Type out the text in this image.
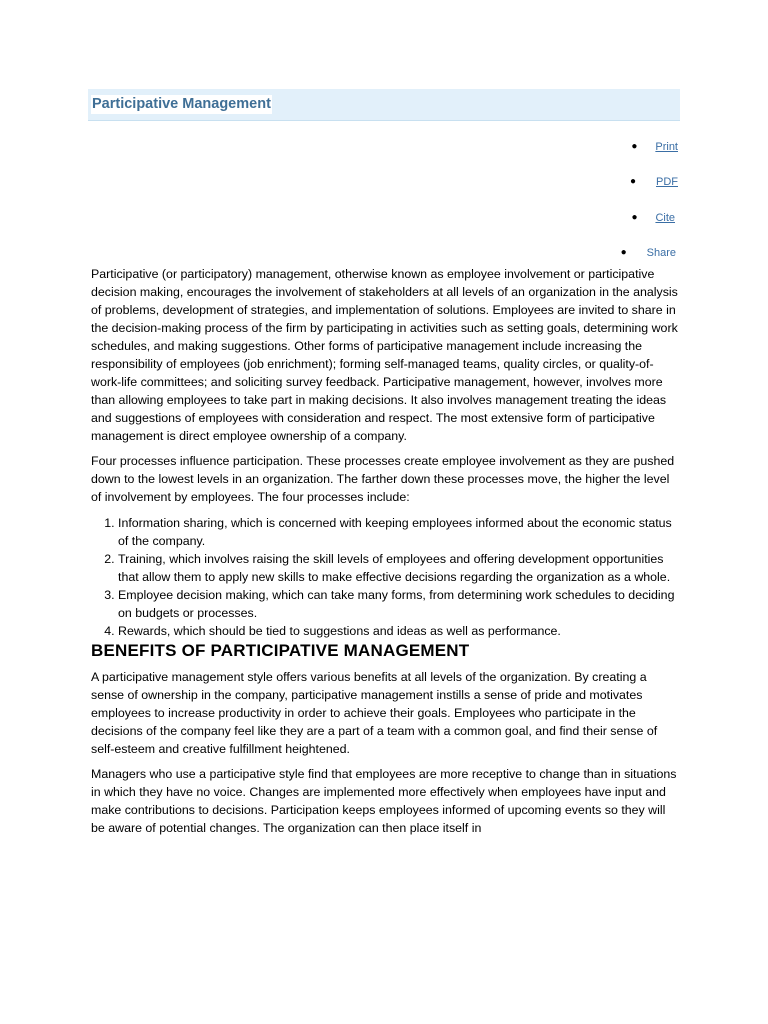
Participative Management
● Print
● PDF
● Cite
● Share

Participative (or participatory) management, otherwise known as employee involvement or participative decision making, encourages the involvement of stakeholders at all levels of an organization in the analysis of problems, development of strategies, and implementation of solutions. Employees are invited to share in the decision-making process of the firm by participating in activities such as setting goals, determining work schedules, and making suggestions. Other forms of participative management include increasing the responsibility of employees (job enrichment); forming self-managed teams, quality circles, or quality-of-work-life committees; and soliciting survey feedback. Participative management, however, involves more than allowing employees to take part in making decisions. It also involves management treating the ideas and suggestions of employees with consideration and respect. The most extensive form of participative management is direct employee ownership of a company.

Four processes influence participation. These processes create employee involvement as they are pushed down to the lowest levels in an organization. The farther down these processes move, the higher the level of involvement by employees. The four processes include:

1. Information sharing, which is concerned with keeping employees informed about the economic status of the company.
2. Training, which involves raising the skill levels of employees and offering development opportunities that allow them to apply new skills to make effective decisions regarding the organization as a whole.
3. Employee decision making, which can take many forms, from determining work schedules to deciding on budgets or processes.
4. Rewards, which should be tied to suggestions and ideas as well as performance.
BENEFITS OF PARTICIPATIVE MANAGEMENT

A participative management style offers various benefits at all levels of the organization. By creating a sense of ownership in the company, participative management instills a sense of pride and motivates employees to increase productivity in order to achieve their goals. Employees who participate in the decisions of the company feel like they are a part of a team with a common goal, and find their sense of self-esteem and creative fulfillment heightened.

Managers who use a participative style find that employees are more receptive to change than in situations in which they have no voice. Changes are implemented more effectively when employees have input and make contributions to decisions. Participation keeps employees informed of upcoming events so they will be aware of potential changes. The organization can then place itself in
